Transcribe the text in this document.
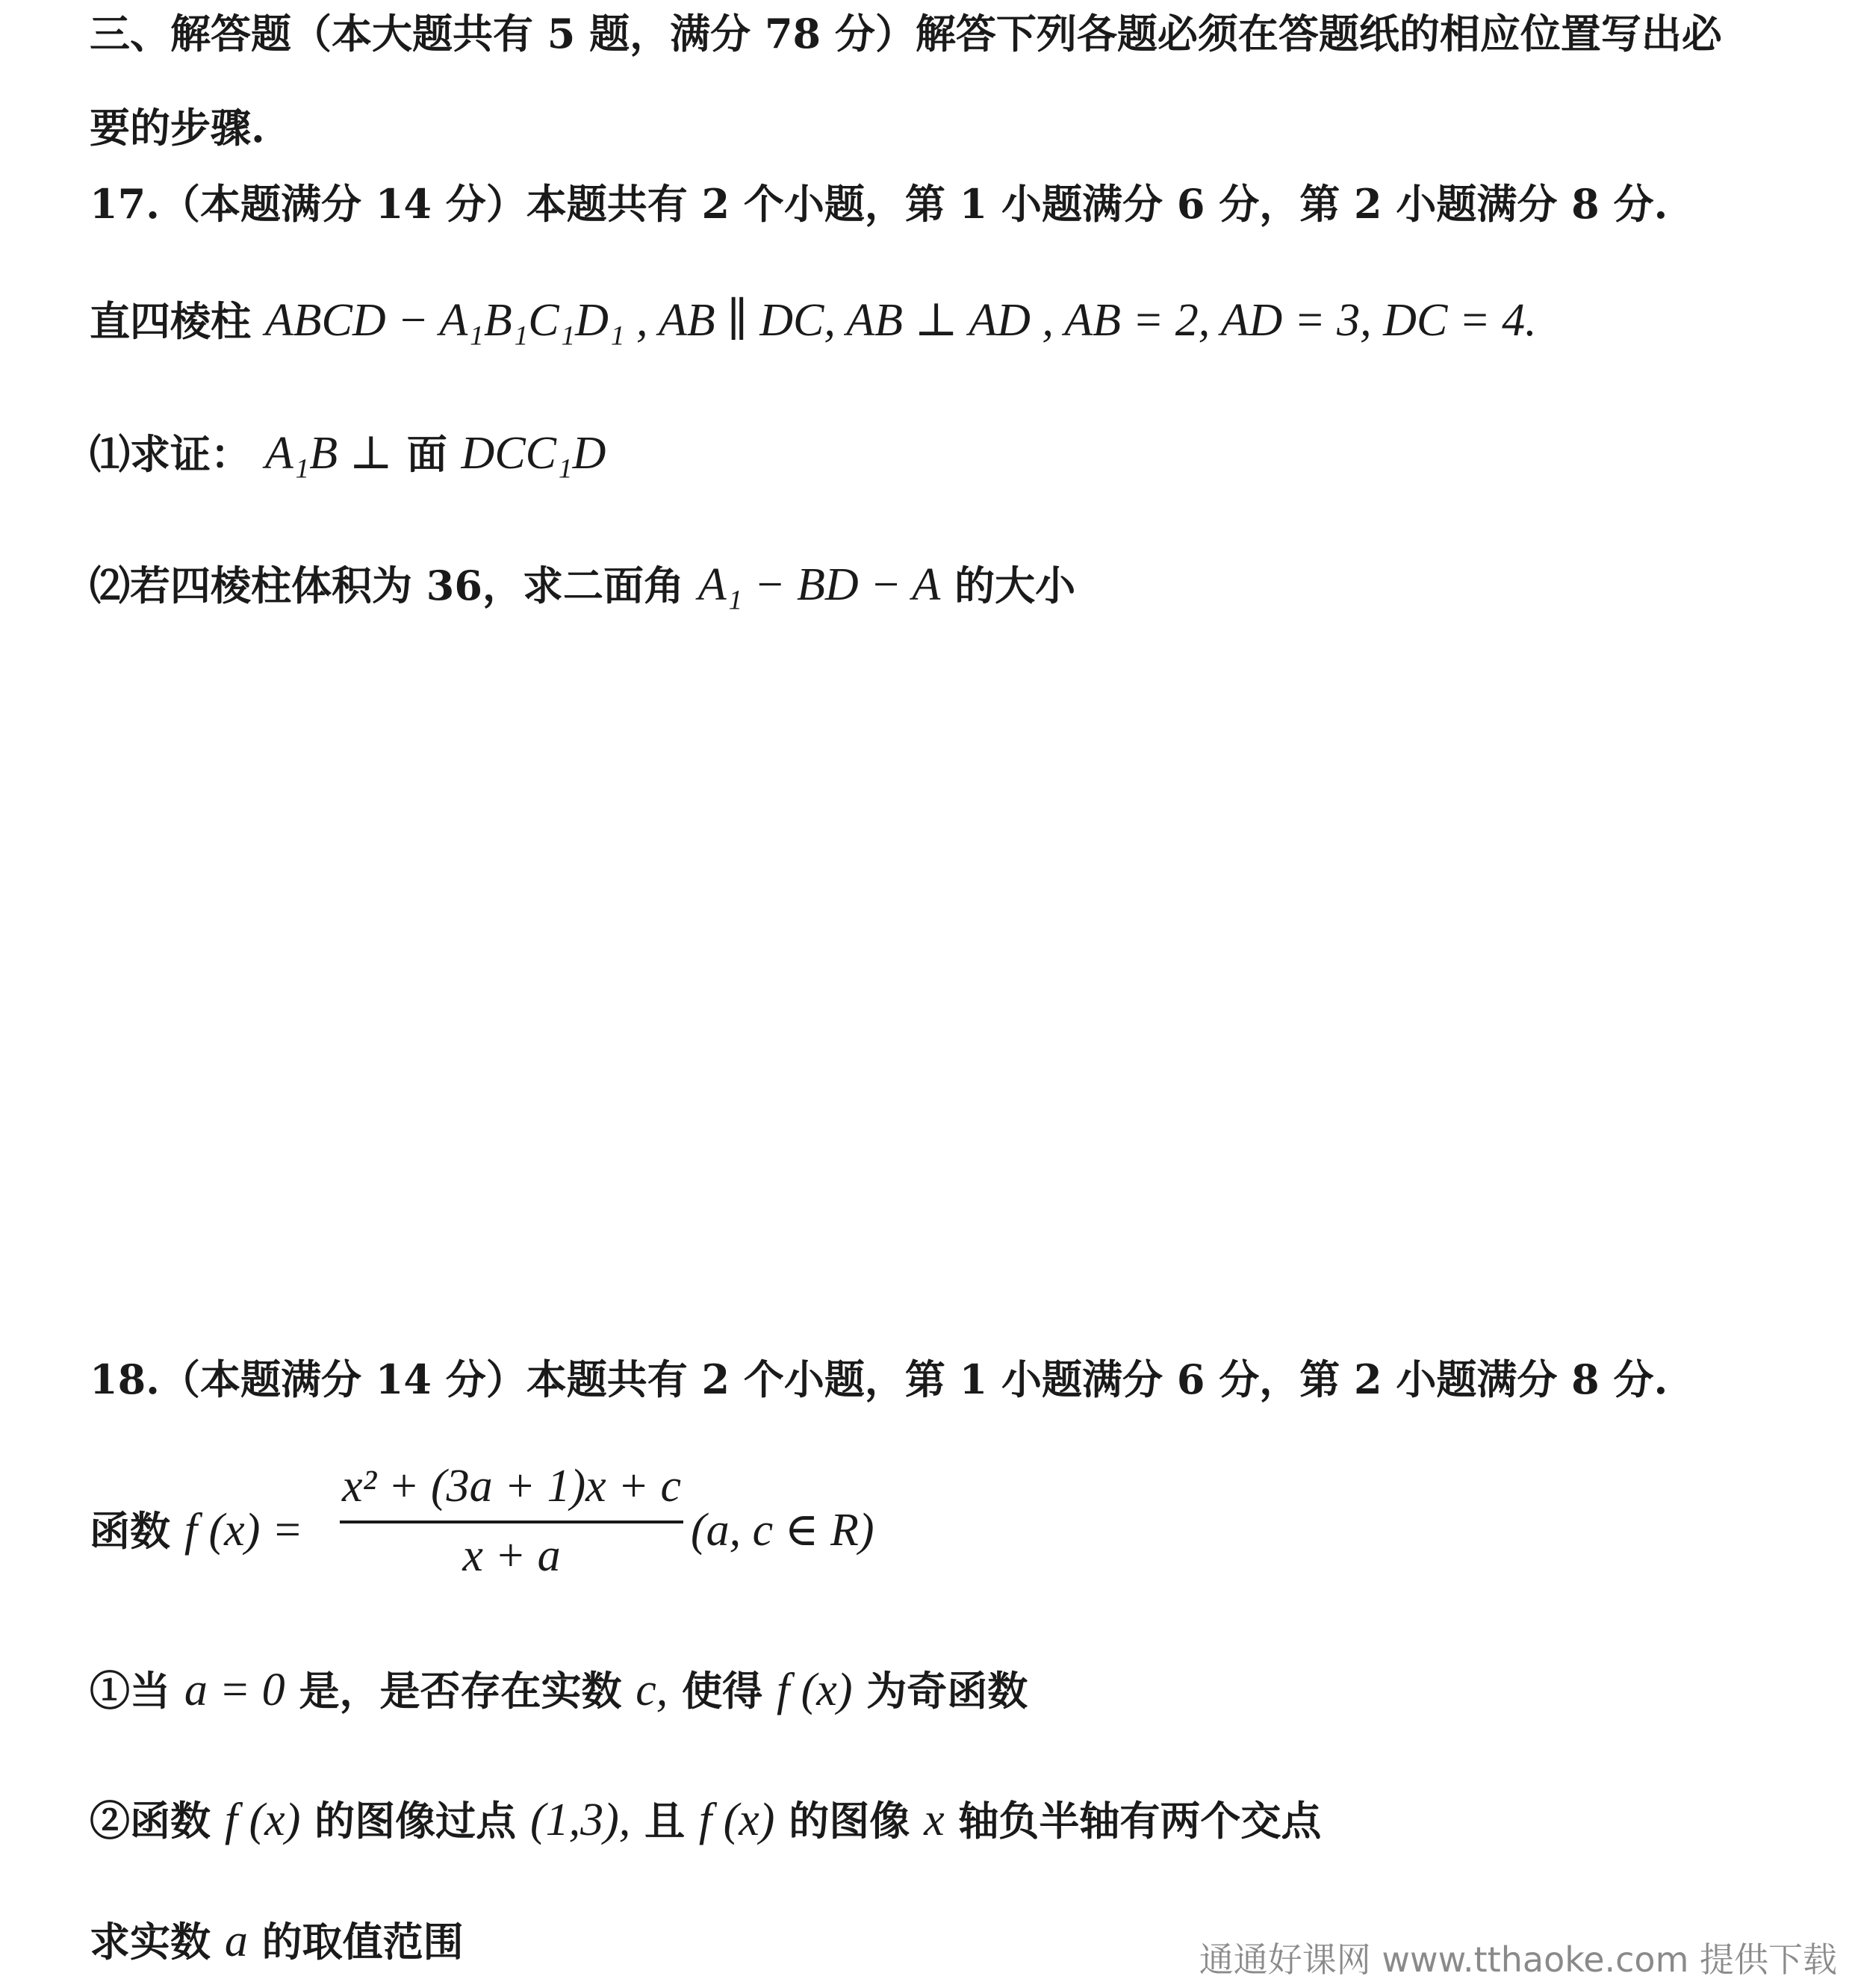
三、解答题（本大题共有 5 题，满分 78 分）解答下列各题必须在答题纸的相应位置写出必
要的步骤.
17.（本题满分 14 分）本题共有 2 个小题，第 1 小题满分 6 分，第 2 小题满分 8 分.
直四棱柱 ABCD − A₁B₁C₁D₁ , AB ∥ DC, AB ⊥ AD , AB = 2, AD = 3, DC = 4.
⑴求证： A₁B ⊥ 面 DCC₁D
⑵若四棱柱体积为 36，求二面角 A₁ − BD − A 的大小
18.（本题满分 14 分）本题共有 2 个小题，第 1 小题满分 6 分，第 2 小题满分 8 分.
函数 f (x) =
x² + (3a + 1)x + c
x + a	(a, c ∈ R)
①当 a = 0 是，是否存在实数 c, 使得 f (x) 为奇函数
②函数 f (x) 的图像过点 (1,3), 且 f (x) 的图像 x 轴负半轴有两个交点
求实数 a 的取值范围	通通好课网 www.tthaoke.com 提供下载
